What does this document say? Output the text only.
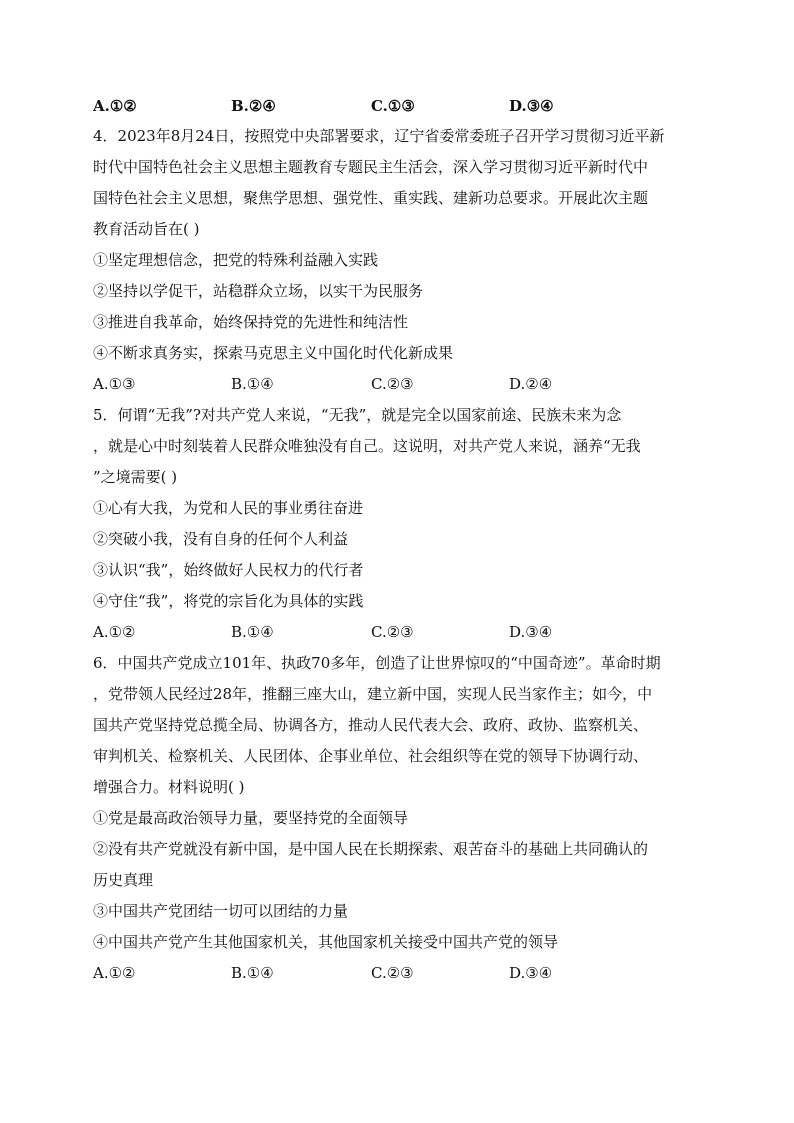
A.①②	B.②④	C.①③	D.③④
4．2023年8月24日，按照党中央部署要求，辽宁省委常委班子召开学习贯彻习近平新
时代中国特色社会主义思想主题教育专题民主生活会，深入学习贯彻习近平新时代中
国特色社会主义思想，聚焦学思想、强党性、重实践、建新功总要求。开展此次主题
教育活动旨在( )
①坚定理想信念，把党的特殊利益融入实践
②坚持以学促干，站稳群众立场，以实干为民服务
③推进自我革命，始终保持党的先进性和纯洁性
④不断求真务实，探索马克思主义中国化时代化新成果
A.①③	B.①④	C.②③	D.②④
5．何谓“无我”?对共产党人来说，“无我”，就是完全以国家前途、民族未来为念
，就是心中时刻装着人民群众唯独没有自己。这说明，对共产党人来说，涵养“无我
”之境需要( )
①心有大我，为党和人民的事业勇往奋进
②突破小我，没有自身的任何个人利益
③认识“我”，始终做好人民权力的代行者
④守住“我”，将党的宗旨化为具体的实践
A.①②	B.①④	C.②③	D.③④
6．中国共产党成立101年、执政70多年，创造了让世界惊叹的“中国奇迹”。革命时期
，党带领人民经过28年，推翻三座大山，建立新中国，实现人民当家作主；如今，中
国共产党坚持党总揽全局、协调各方，推动人民代表大会、政府、政协、监察机关、
审判机关、检察机关、人民团体、企事业单位、社会组织等在党的领导下协调行动、
增强合力。材料说明( )
①党是最高政治领导力量，要坚持党的全面领导
②没有共产党就没有新中国，是中国人民在长期探索、艰苦奋斗的基础上共同确认的
历史真理
③中国共产党团结一切可以团结的力量
④中国共产党产生其他国家机关，其他国家机关接受中国共产党的领导
A.①②	B.①④	C.②③	D.③④
